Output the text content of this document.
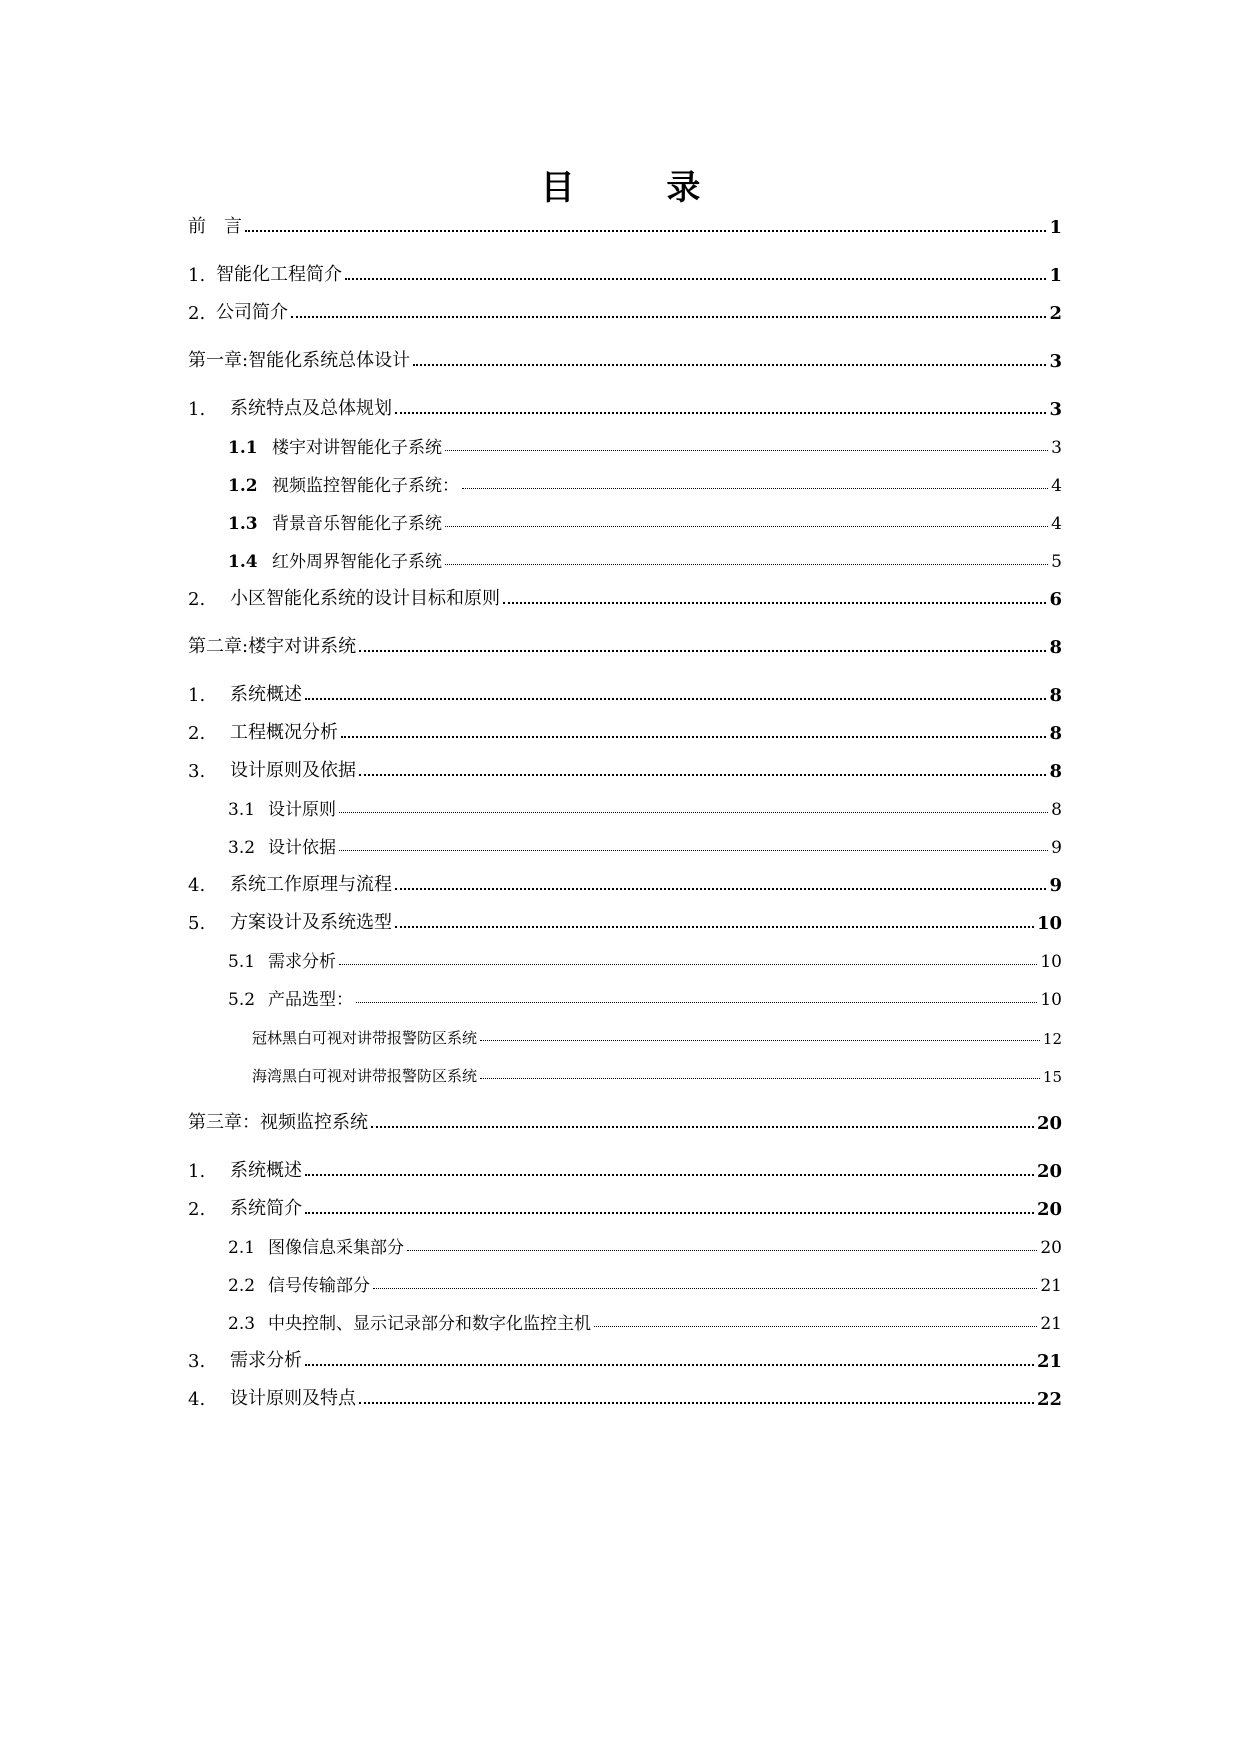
目 录
前　言	1
1. 智能化工程简介	1
2. 公司简介	2
第一章:智能化系统总体设计	3
1.	系统特点及总体规划	3
1.1 楼宇对讲智能化子系统	3
1.2 视频监控智能化子系统：	4
1.3 背景音乐智能化子系统	4
1.4 红外周界智能化子系统	5
2.	小区智能化系统的设计目标和原则	6
第二章:楼宇对讲系统	8
1.	系统概述	8
2.	工程概况分析	8
3.	设计原则及依据	8
3.1 设计原则	8
3.2 设计依据	9
4.	系统工作原理与流程	9
5.	方案设计及系统选型	10
5.1 需求分析	10
5.2 产品选型：	10
冠林黑白可视对讲带报警防区系统	12
海湾黑白可视对讲带报警防区系统	15
第三章：视频监控系统	20
1.	系统概述	20
2.	系统简介	20
2.1 图像信息采集部分	20
2.2 信号传输部分	21
2.3 中央控制、显示记录部分和数字化监控主机	21
3.	需求分析	21
4.	设计原则及特点	22
